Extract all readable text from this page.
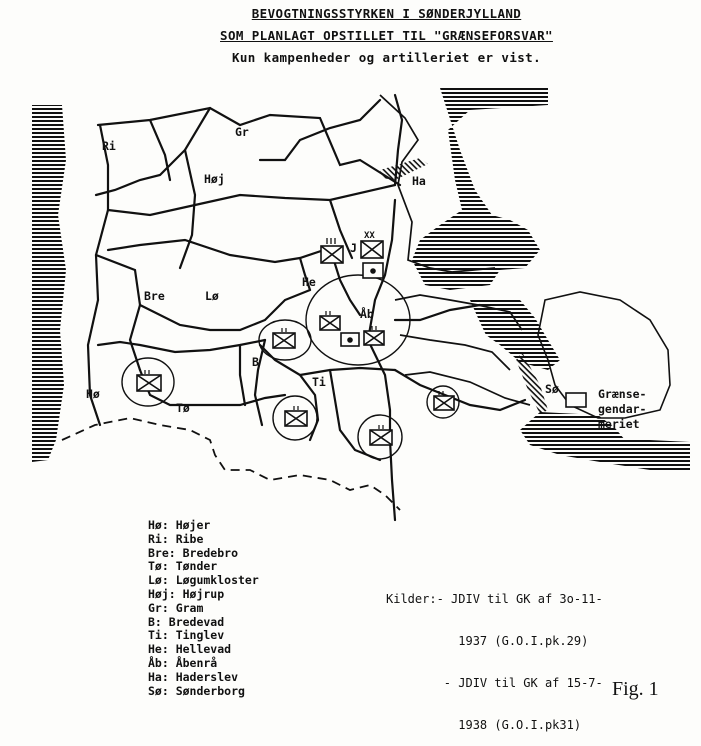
BEVOGTNINGSSTYRKEN I SØNDERJYLLAND
SOM PLANLAGT OPSTILLET TIL "GRÆNSEFORSVAR"
Kun kampenheder og artilleriet er vist.
XX
Ri
Gr
Høj	Ha
J
He
Bre	Lø
Åb
B
Ti
Hø
Tø
Sø	Grænse-
gendar-
meriet
Hø: Højer
Ri: Ribe
Bre: Bredebro
Tø: Tønder
Lø: Løgumkloster
Høj: Højrup
Gr: Gram
B: Bredevad
Ti: Tinglev
He: Hellevad
Åb: Åbenrå
Ha: Haderslev
Sø: Sønderborg

Kilder:- JDIV til GK af 3o-11-

1937 (G.O.I.pk.29)

- JDIV til GK af 15-7-

1938 (G.O.I.pk31)

Fig. 1
